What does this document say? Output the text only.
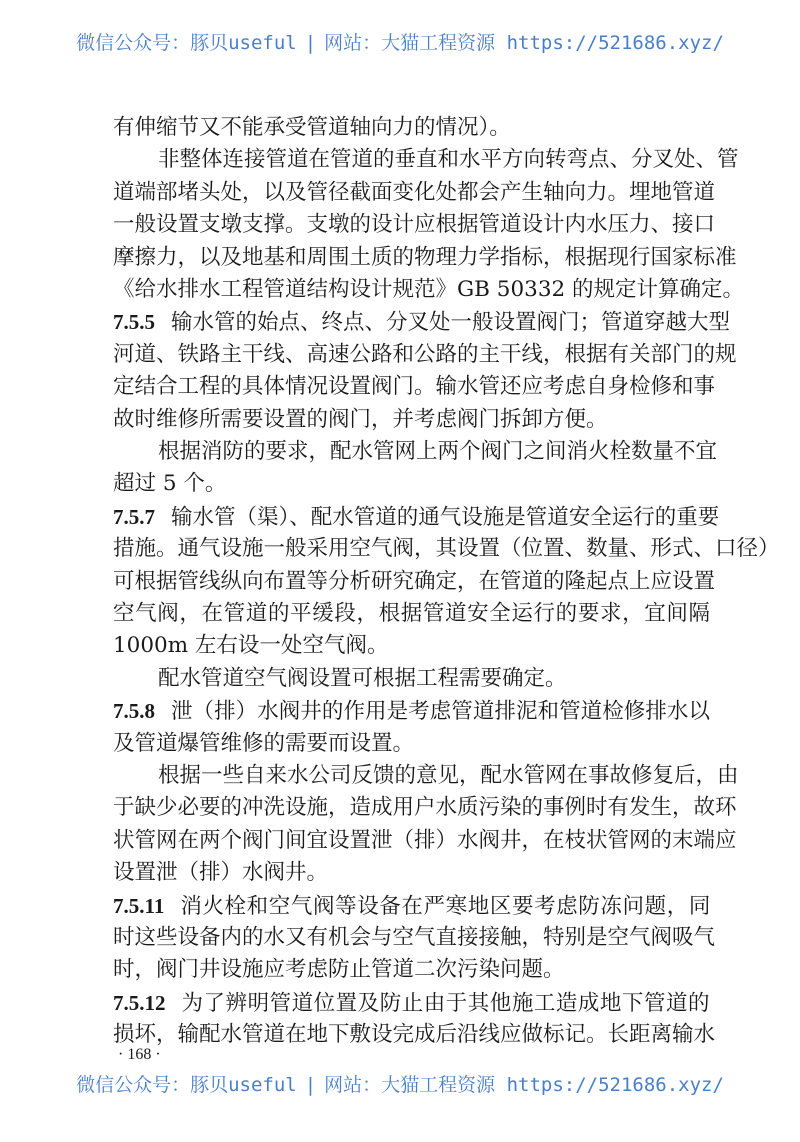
微信公众号：豚贝useful | 网站：大猫工程资源 https://521686.xyz/
有伸缩节又不能承受管道轴向力的情况）。
非整体连接管道在管道的垂直和水平方向转弯点、分叉处、管
道端部堵头处，以及管径截面变化处都会产生轴向力。埋地管道
一般设置支墩支撑。支墩的设计应根据管道设计内水压力、接口
摩擦力，以及地基和周围土质的物理力学指标，根据现行国家标准
《给水排水工程管道结构设计规范》GB 50332 的规定计算确定。
7.5.5 输水管的始点、终点、分叉处一般设置阀门；管道穿越大型
河道、铁路主干线、高速公路和公路的主干线，根据有关部门的规
定结合工程的具体情况设置阀门。输水管还应考虑自身检修和事
故时维修所需要设置的阀门，并考虑阀门拆卸方便。
根据消防的要求，配水管网上两个阀门之间消火栓数量不宜
超过 5 个。
7.5.7 输水管（渠）、配水管道的通气设施是管道安全运行的重要
措施。通气设施一般采用空气阀，其设置（位置、数量、形式、口径）
可根据管线纵向布置等分析研究确定，在管道的隆起点上应设置
空气阀，在管道的平缓段，根据管道安全运行的要求，宜间隔
1000m 左右设一处空气阀。
配水管道空气阀设置可根据工程需要确定。
7.5.8 泄（排）水阀井的作用是考虑管道排泥和管道检修排水以
及管道爆管维修的需要而设置。
根据一些自来水公司反馈的意见，配水管网在事故修复后，由
于缺少必要的冲洗设施，造成用户水质污染的事例时有发生，故环
状管网在两个阀门间宜设置泄（排）水阀井，在枝状管网的末端应
设置泄（排）水阀井。
7.5.11 消火栓和空气阀等设备在严寒地区要考虑防冻问题，同
时这些设备内的水又有机会与空气直接接触，特别是空气阀吸气
时，阀门井设施应考虑防止管道二次污染问题。
7.5.12 为了辨明管道位置及防止由于其他施工造成地下管道的
损坏，输配水管道在地下敷设完成后沿线应做标记。长距离输水
· 168 ·
微信公众号：豚贝useful | 网站：大猫工程资源 https://521686.xyz/
